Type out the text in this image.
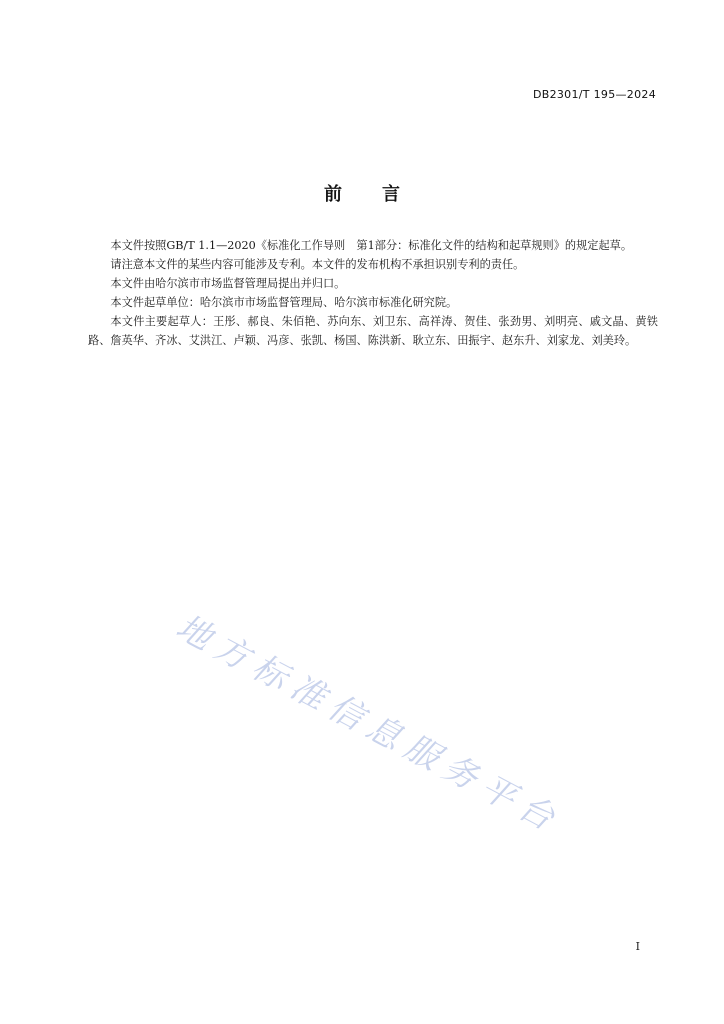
DB2301/T 195—2024
前言

本文件按照GB/T 1.1—2020《标准化工作导则　第1部分：标准化文件的结构和起草规则》的规定起草。

请注意本文件的某些内容可能涉及专利。本文件的发布机构不承担识别专利的责任。

本文件由哈尔滨市市场监督管理局提出并归口。

本文件起草单位：哈尔滨市市场监督管理局、哈尔滨市标准化研究院。

本文件主要起草人：王彤、郝良、朱佰艳、苏向东、刘卫东、高祥涛、贺佳、张劲男、刘明亮、戚文晶、黄铁路、詹英华、齐冰、艾洪江、卢颖、冯彦、张凯、杨国、陈洪新、耿立东、田振宇、赵东升、刘家龙、刘美玲。

地
方
标
准
信
息
服
务
平
台
I
